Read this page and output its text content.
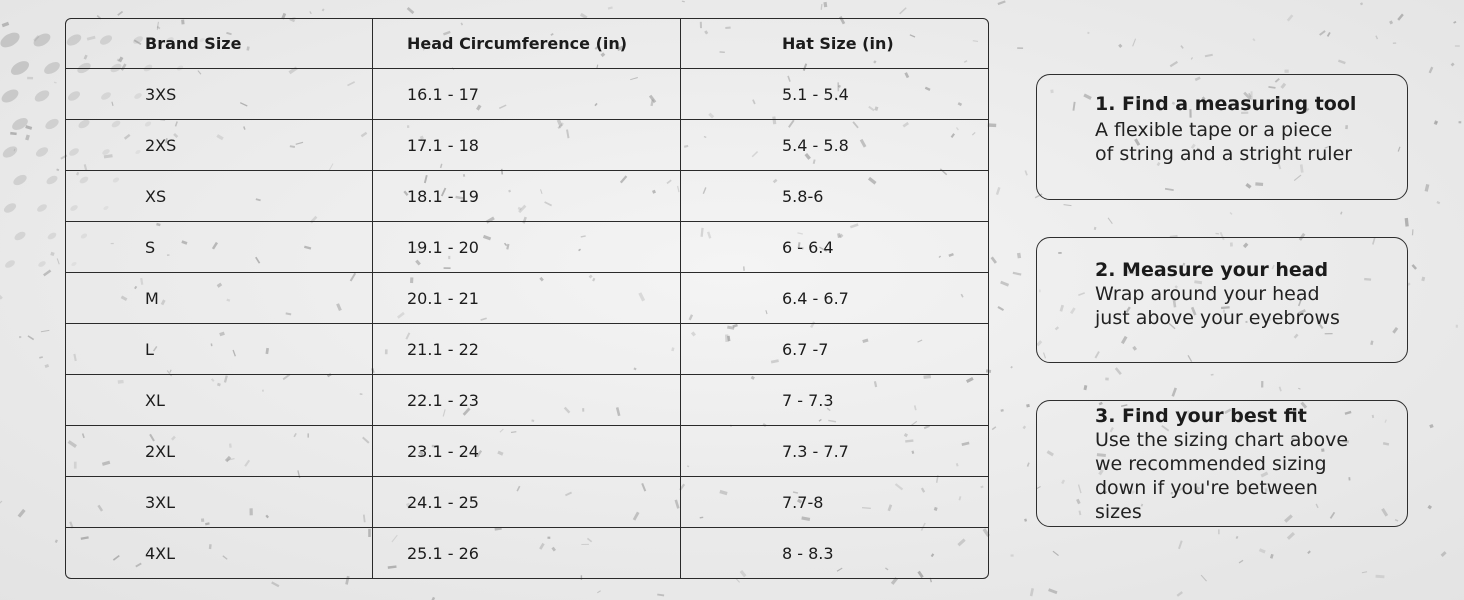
Brand Size	Head Circumference (in)	Hat Size (in)
3XS	16.1 - 17	5.1 - 5.4
2XS	17.1 - 18	5.4 - 5.8
XS	18.1 - 19	5.8-6
S	19.1 - 20	6 - 6.4
M	20.1 - 21	6.4 - 6.7
L	21.1 - 22	6.7 -7
XL	22.1 - 23	7 - 7.3
2XL	23.1 - 24	7.3 - 7.7
3XL	24.1 - 25	7.7-8
4XL	25.1 - 26	8 - 8.3
1. Find a measuring tool
A flexible tape or a piece
of string and a stright ruler
2. Measure your head
Wrap around your head
just above your eyebrows
3. Find your best fit
Use the sizing chart above
we recommended sizing
down if you're between
sizes
